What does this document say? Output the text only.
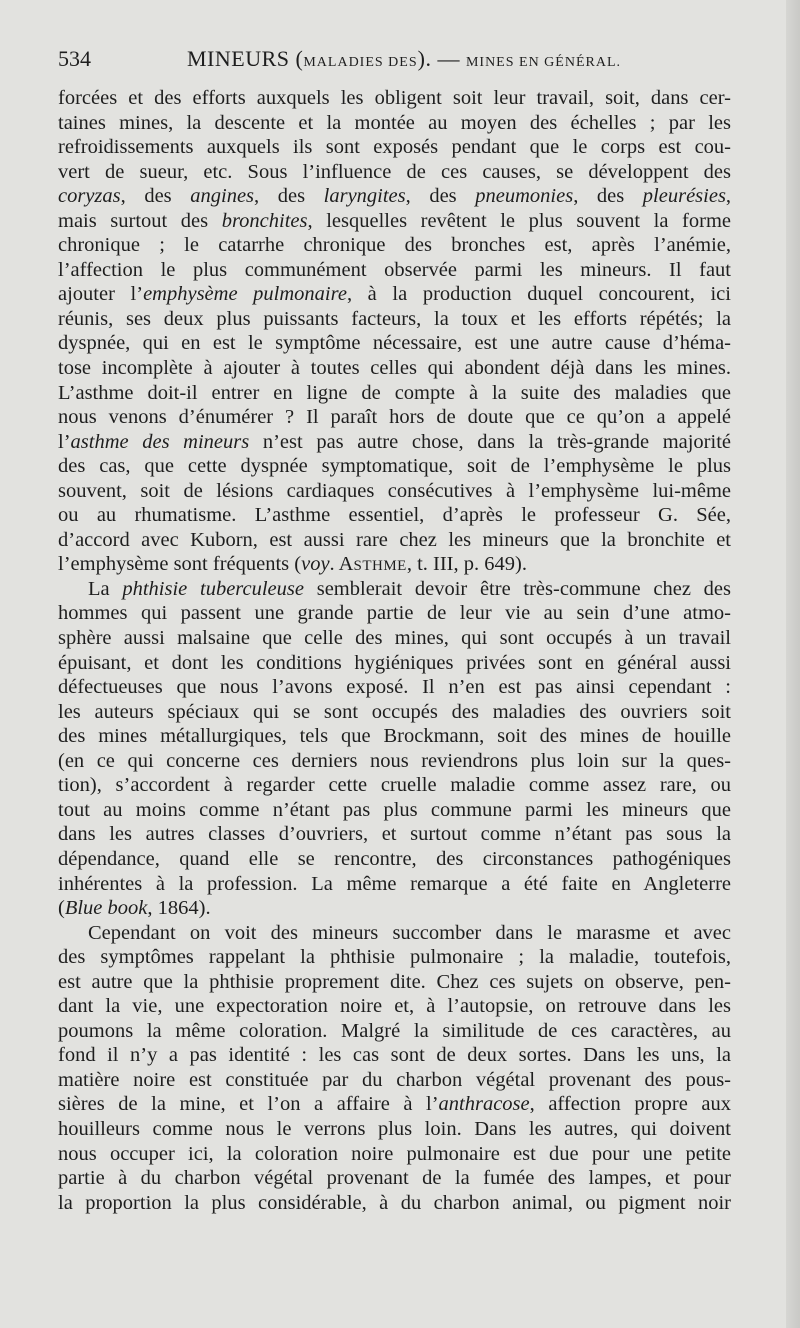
534	MINEURS (MALADIES DES). — MINES EN GÉNÉRAL.
forcées et des efforts auxquels les obligent soit leur travail, soit, dans cer-
taines mines, la descente et la montée au moyen des échelles ; par les
refroidissements auxquels ils sont exposés pendant que le corps est cou-
vert de sueur, etc. Sous l’influence de ces causes, se développent des
coryzas, des angines, des laryngites, des pneumonies, des pleurésies,
mais surtout des bronchites, lesquelles revêtent le plus souvent la forme
chronique ; le catarrhe chronique des bronches est, après l’anémie,
l’affection le plus communément observée parmi les mineurs. Il faut
ajouter l’emphysème pulmonaire, à la production duquel concourent, ici
réunis, ses deux plus puissants facteurs, la toux et les efforts répétés; la
dyspnée, qui en est le symptôme nécessaire, est une autre cause d’héma-
tose incomplète à ajouter à toutes celles qui abondent déjà dans les mines.
L’asthme doit-il entrer en ligne de compte à la suite des maladies que
nous venons d’énumérer ? Il paraît hors de doute que ce qu’on a appelé
l’asthme des mineurs n’est pas autre chose, dans la très-grande majorité
des cas, que cette dyspnée symptomatique, soit de l’emphysème le plus
souvent, soit de lésions cardiaques consécutives à l’emphysème lui-même
ou au rhumatisme. L’asthme essentiel, d’après le professeur G. Sée,
d’accord avec Kuborn, est aussi rare chez les mineurs que la bronchite et
l’emphysème sont fréquents (voy. ASTHME, t. III, p. 649).
La phthisie tuberculeuse semblerait devoir être très-commune chez des
hommes qui passent une grande partie de leur vie au sein d’une atmo-
sphère aussi malsaine que celle des mines, qui sont occupés à un travail
épuisant, et dont les conditions hygiéniques privées sont en général aussi
défectueuses que nous l’avons exposé. Il n’en est pas ainsi cependant :
les auteurs spéciaux qui se sont occupés des maladies des ouvriers soit
des mines métallurgiques, tels que Brockmann, soit des mines de houille
(en ce qui concerne ces derniers nous reviendrons plus loin sur la ques-
tion), s’accordent à regarder cette cruelle maladie comme assez rare, ou
tout au moins comme n’étant pas plus commune parmi les mineurs que
dans les autres classes d’ouvriers, et surtout comme n’étant pas sous la
dépendance, quand elle se rencontre, des circonstances pathogéniques
inhérentes à la profession. La même remarque a été faite en Angleterre
(Blue book, 1864).
Cependant on voit des mineurs succomber dans le marasme et avec
des symptômes rappelant la phthisie pulmonaire ; la maladie, toutefois,
est autre que la phthisie proprement dite. Chez ces sujets on observe, pen-
dant la vie, une expectoration noire et, à l’autopsie, on retrouve dans les
poumons la même coloration. Malgré la similitude de ces caractères, au
fond il n’y a pas identité : les cas sont de deux sortes. Dans les uns, la
matière noire est constituée par du charbon végétal provenant des pous-
sières de la mine, et l’on a affaire à l’anthracose, affection propre aux
houilleurs comme nous le verrons plus loin. Dans les autres, qui doivent
nous occuper ici, la coloration noire pulmonaire est due pour une petite
partie à du charbon végétal provenant de la fumée des lampes, et pour
la proportion la plus considérable, à du charbon animal, ou pigment noir
